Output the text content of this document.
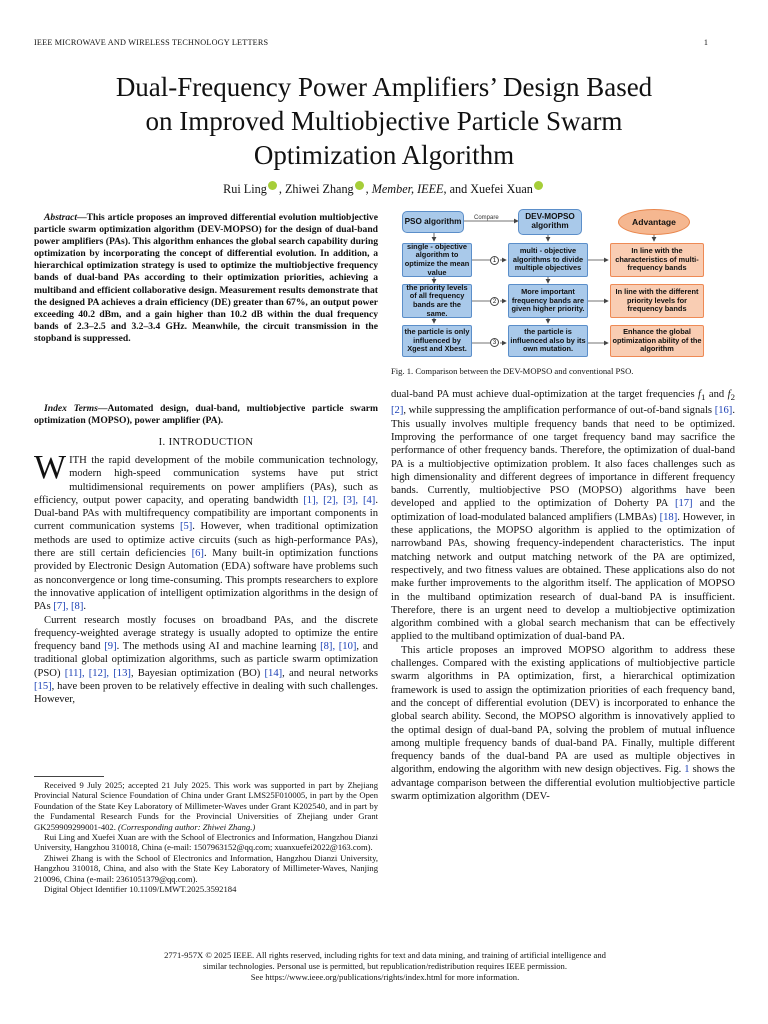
IEEE MICROWAVE AND WIRELESS TECHNOLOGY LETTERS	1
Dual-Frequency Power Amplifiers’ Design Based
on Improved Multiobjective Particle Swarm
Optimization Algorithm
Rui Ling , Zhiwei Zhang , Member, IEEE, and Xuefei Xuan

Abstract—This article proposes an improved differential evolution multiobjective particle swarm optimization algorithm (DEV-MOPSO) for the design of dual-band power amplifiers (PAs). This algorithm enhances the global search capability during optimization by incorporating the concept of differential evolution. In addition, a hierarchical optimization strategy is used to optimize the multiobjective frequency bands of dual-band PAs according to their optimization priorities, achieving a multiband and efficient collaborative design. Measurement results demonstrate that the designed PA achieves a drain efficiency (DE) greater than 67%, an output power exceeding 40.2 dBm, and a gain higher than 10.2 dB within the dual frequency bands of 2.3–2.5 and 3.2–3.4 GHz. Meanwhile, the circuit transmission in the stopband is suppressed.

Index Terms—Automated design, dual-band, multiobjective particle swarm optimization (MOPSO), power amplifier (PA).

I. INTRODUCTION

WITH the rapid development of the mobile communication technology, modern high-speed communication systems have put strict multidimensional requirements on power amplifiers (PAs), such as efficiency, output power capacity, and operating bandwidth [1], [2], [3], [4]. Dual-band PAs with multifrequency compatibility are important components in current communication systems [5]. However, when traditional optimization methods are used to optimize active circuits (such as high-performance PAs), there are still certain deficiencies [6]. Many built-in optimization functions provided by Electronic Design Automation (EDA) software have problems such as nonconvergence or long time-consuming. This prompts researchers to explore the innovative application of intelligent optimization algorithms in the design of PAs [7], [8].

Current research mostly focuses on broadband PAs, and the discrete frequency-weighted average strategy is usually adopted to optimize the entire frequency band [9]. The methods using AI and machine learning [8], [10], and traditional global optimization algorithms, such as particle swarm optimization (PSO) [11], [12], [13], Bayesian optimization (BO) [14], and neural networks [15], have been proven to be relatively effective in dealing with such challenges. However,

Received 9 July 2025; accepted 21 July 2025. This work was supported in part by Zhejiang Provincial Natural Science Foundation of China under Grant LMS25F010005, in part by the Open Foundation of the State Key Laboratory of Millimeter-Waves under Grant K202540, and in part by the Fundamental Research Funds for the Provincial Universities of Zhejiang under Grant GK259909299001-402. (Corresponding author: Zhiwei Zhang.)

Rui Ling and Xuefei Xuan are with the School of Electronics and Information, Hangzhou Dianzi University, Hangzhou 310018, China (e-mail: 1507963152@qq.com; xuanxuefei2022@163.com).

Zhiwei Zhang is with the School of Electronics and Information, Hangzhou Dianzi University, Hangzhou 310018, China, and also with the State Key Laboratory of Millimeter-Waves, Nanjing 210096, China (e-mail: 2361051379@qq.com).

Digital Object Identifier 10.1109/LMWT.2025.3592184

PSO algorithm	Compare	DEV-MOPSO algorithm	Advantage
single - objective algorithm to optimize the mean value
1
multi - objective algorithms to divide multiple objectives
In line with the characteristics of multi-frequency bands
the priority levels of all frequency bands are the same.
2
More important frequency bands are given higher priority.
In line with the different priority levels for frequency bands
the particle is only influenced by Xgest and Xbest.
3
the particle is influenced also by its own mutation.
Enhance the global optimization ability of the algorithm
Fig. 1. Comparison between the DEV-MOPSO and conventional PSO.

dual-band PA must achieve dual-optimization at the target frequencies $f_1$ and $f_2$ [2], while suppressing the amplification performance of out-of-band signals [16]. This usually involves multiple frequency bands that need to be optimized. Improving the performance of one target frequency band may sacrifice the performance of other frequency bands. Therefore, the optimization of dual-band PA is a multiobjective optimization problem. It also faces challenges such as high dimensionality and different degrees of importance in different frequency bands. Currently, multiobjective PSO (MOPSO) algorithms have been developed and applied to the optimization of Doherty PA [17] and the optimization of load-modulated balanced amplifiers (LMBAs) [18]. However, in these applications, the MOPSO algorithm is applied to the optimization of narrowband PAs, showing frequency-independent characteristics. The input matching network and output matching network of the PA are optimized, respectively, and two fitness values are obtained. These applications also do not make further improvements to the algorithm itself. The application of MOPSO in the multiband optimization research of dual-band PA is insufficient. Therefore, there is an urgent need to develop a multiobjective optimization algorithm combined with a global search mechanism that can be effectively applied to the multiband optimization of dual-band PA.

This article proposes an improved MOPSO algorithm to address these challenges. Compared with the existing applications of multiobjective particle swarm algorithms in PA optimization, first, a hierarchical optimization framework is used to assign the optimization priorities of each frequency band, and the concept of differential evolution (DEV) is incorporated to enhance the global search ability. Second, the MOPSO algorithm is innovatively applied to the optimal design of dual-band PA, solving the problem of mutual influence among multiple frequency bands of dual-band PA. Finally, multiple different frequency bands of the dual-band PA are used as multiple objectives in algorithm, endowing the algorithm with new design objectives. Fig. 1 shows the advantage comparison between the differential evolution multiobjective particle swarm optimization algorithm (DEV-

2771-957X © 2025 IEEE. All rights reserved, including rights for text and data mining, and training of artificial intelligence and
similar technologies. Personal use is permitted, but republication/redistribution requires IEEE permission.
See https://www.ieee.org/publications/rights/index.html for more information.
